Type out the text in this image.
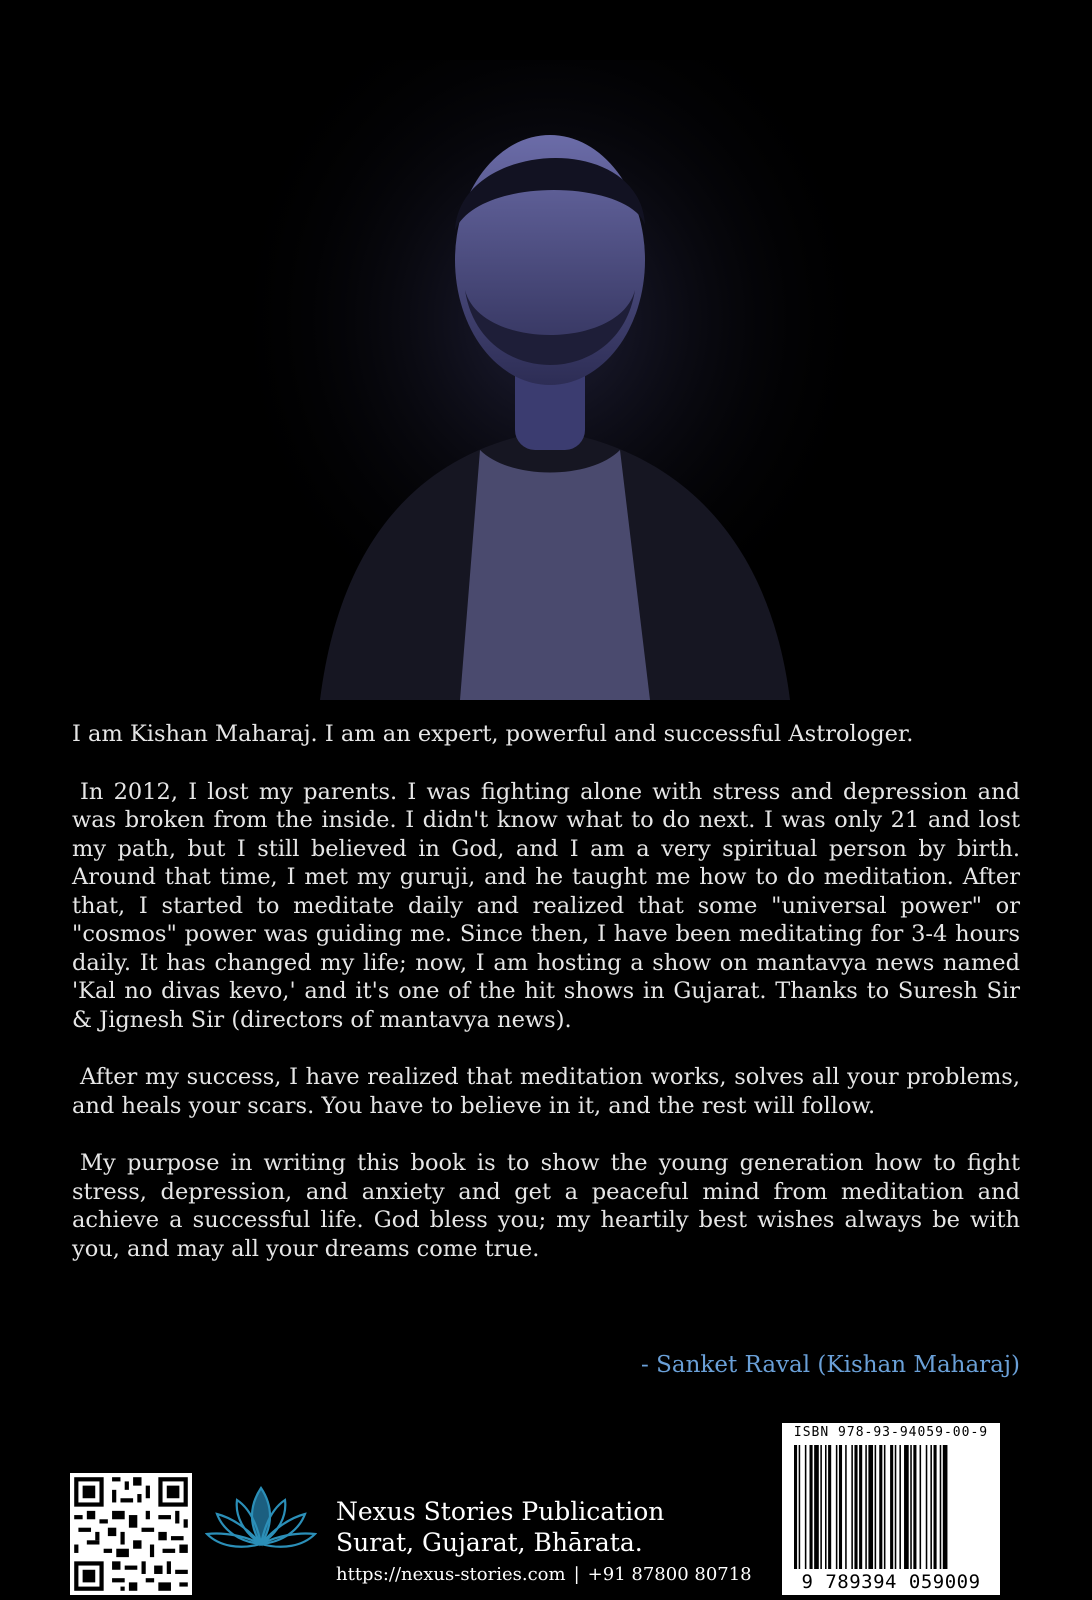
I am Kishan Maharaj. I am an expert, powerful and successful Astrologer.

In 2012, I lost my parents. I was fighting alone with stress and depression and was broken from the inside. I didn't know what to do next. I was only 21 and lost my path, but I still believed in God, and I am a very spiritual person by birth. Around that time, I met my guruji, and he taught me how to do meditation. After that, I started to meditate daily and realized that some "universal power" or "cosmos" power was guiding me. Since then, I have been meditating for 3-4 hours daily. It has changed my life; now, I am hosting a show on mantavya news named 'Kal no divas kevo,' and it's one of the hit shows in Gujarat. Thanks to Suresh Sir & Jignesh Sir (directors of mantavya news).

After my success, I have realized that meditation works, solves all your problems, and heals your scars. You have to believe in it, and the rest will follow.

My purpose in writing this book is to show the young generation how to fight stress, depression, and anxiety and get a peaceful mind from meditation and achieve a successful life. God bless you; my heartily best wishes always be with you, and may all your dreams come true.

- Sanket Raval (Kishan Maharaj)
Nexus Stories Publication
Surat, Gujarat, Bhārata.
https://nexus-stories.com | +91 87800 80718
ISBN 978-93-94059-00-9
9 789394 059009
